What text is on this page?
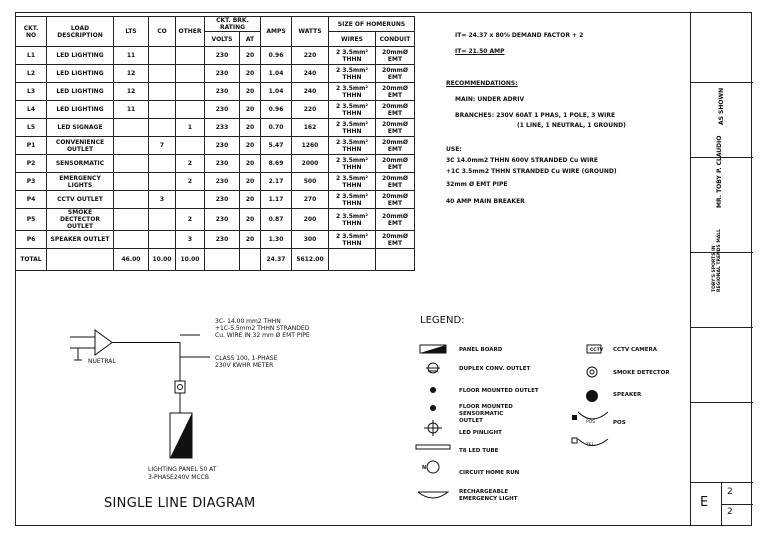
CKT. NO	LOAD DESCRIPTION	LTS	CO	OTHER	CKT. BRK. RATING		AMPS	WATTS	SIZE OF HOMERUNS	
					VOLTS	AT			WIRES	CONDUIT
L1	LED LIGHTING	11			230	20	0.96	220	2 3.5mm² THHN	20mmØ EMT
L2	LED LIGHTING	12			230	20	1.04	240	2 3.5mm² THHN	20mmØ EMT
L3	LED LIGHTING	12			230	20	1.04	240	2 3.5mm² THHN	20mmØ EMT
L4	LED LIGHTING	11			230	20	0.96	220	2 3.5mm² THHN	20mmØ EMT
L5	LED SIGNAGE			1	233	20	0.70	162	2 3.5mm² THHN	20mmØ EMT
P1	CONVENIENCE OUTLET		7		230	20	5.47	1260	2 3.5mm² THHN	20mmØ EMT
P2	SENSORMATIC			2	230	20	8.69	2000	2 3.5mm² THHN	20mmØ EMT
P3	EMERGENCY LIGHTS			2	230	20	2.17	500	2 3.5mm² THHN	20mmØ EMT
P4	CCTV OUTLET		3		230	20	1.17	270	2 3.5mm² THHN	20mmØ EMT
P5	SMOKE DECTECTOR OUTLET			2	230	20	0.87	200	2 3.5mm² THHN	20mmØ EMT
P6	SPEAKER OUTLET			3	230	20	1.30	300	2 3.5mm² THHN	20mmØ EMT
TOTAL		46.00	10.00	10.00			24.37	5612.00		
IT= 24.37 x 80% DEMAND FACTOR + 2
IT= 21.50 AMP
RECOMMENDATIONS:
MAIN: UNDER ADRIV
BRANCHES: 230V 60AT 1 PHAS, 1 POLE, 3 WIRE
(1 LINE, 1 NEUTRAL, 1 GROUND)
USE:
3C 14.0mm2 THHN 600V STRANDED Cu WIRE
+1C 3.5mm2 THHN STRANDED Cu WIRE (GROUND)
32mm Ø EMT PIPE
40 AMP MAIN BREAKER
3C- 14.00 mm2 THHN
+1C-5.5mm2 THHN STRANDED
Cu. WIRE IN 32 mm Ø EMT PIPE
CLASS 100, 1-PHASE
230V KWHR METER
NUETRAL
LIGHTING PANEL 50 AT
3-PHASE240V MCCB
SINGLE LINE DIAGRAM
LEGEND:
N
PANEL BOARD
DUPLEX CONV. OUTLET
FLOOR MOUNTED OUTLET
FLOOR MOUNTED SENSORMATIC OUTLET
LED PINLIGHT
T8 LED TUBE
CIRCUIT HOME RUN
RECHARGEABLE EMERGENCY LIGHT
CCTV CCTV CAMERA
SMOKE DETECTOR
SPEAKER
POS	POS
TEL.
AS SHOWN
MR. TOBY P. CLAUDIO
TOBY'S SPORTS IN REGIONAL TRENDS MALL
E
2
2
